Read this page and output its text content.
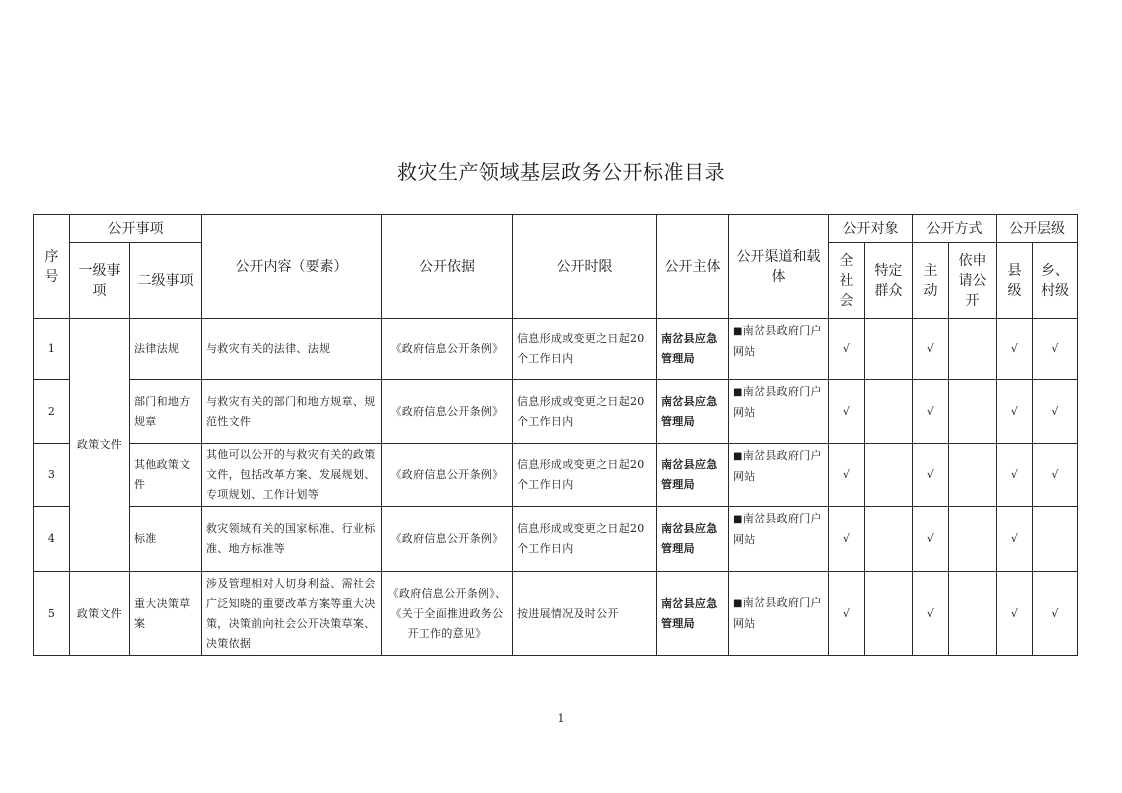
救灾生产领域基层政务公开标准目录
序号	公开事项		公开内容（要素）	公开依据	公开时限	公开主体	公开渠道和载体	公开对象		公开方式		公开层级	
	一级事项	二级事项						全社会	特定群众	主动	依申请公开	县级	乡、村级

1	政策文件	法律法规	与救灾有关的法律、法规	《政府信息公开条例》	信息形成或变更之日起20个工作日内	南岔县应急管理局	■南岔县政府门户网站	√		√		√	√
2		部门和地方规章	与救灾有关的部门和地方规章、规范性文件	《政府信息公开条例》	信息形成或变更之日起20个工作日内	南岔县应急管理局	■南岔县政府门户网站	√		√		√	√
3		其他政策文件	其他可以公开的与救灾有关的政策文件，包括改革方案、发展规划、专项规划、工作计划等	《政府信息公开条例》	信息形成或变更之日起20个工作日内	南岔县应急管理局	■南岔县政府门户网站	√		√		√	√
4		标准	救灾领域有关的国家标准、行业标准、地方标准等	《政府信息公开条例》	信息形成或变更之日起20个工作日内	南岔县应急管理局	■南岔县政府门户网站	√		√		√	
5	政策文件	重大决策草案	涉及管理相对人切身利益、需社会广泛知晓的重要改革方案等重大决策，决策前向社会公开决策草案、决策依据	《政府信息公开条例》、《关于全面推进政务公开工作的意见》	按进展情况及时公开	南岔县应急管理局	■南岔县政府门户网站	√		√		√	√
1
